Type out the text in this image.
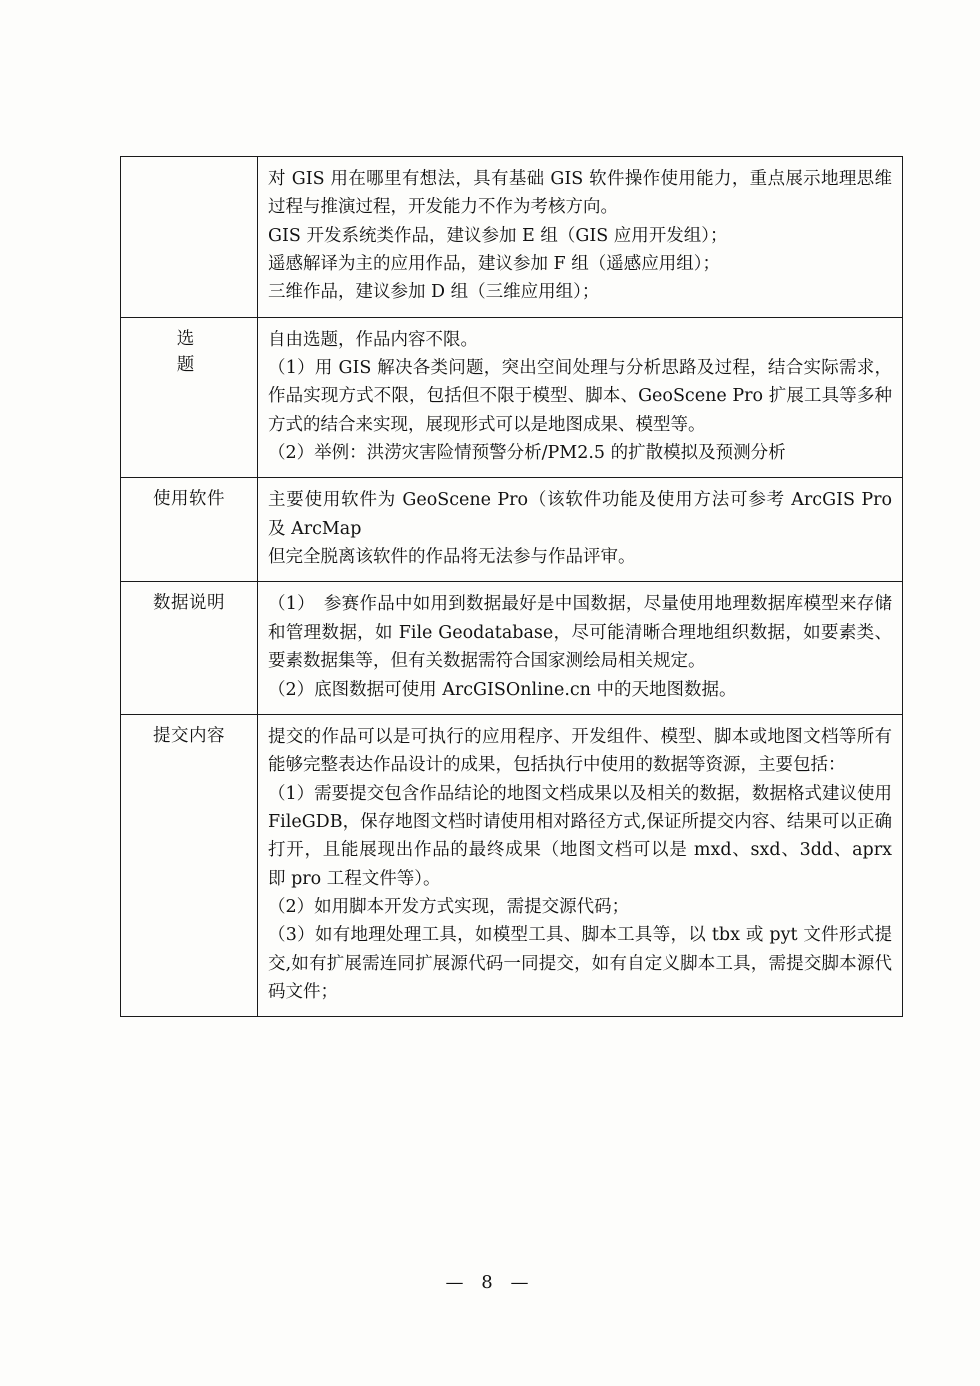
	对 GIS 用在哪里有想法，具有基础 GIS 软件操作使用能力，重点展示地理思维过程与推演过程，开发能力不作为考核方向。

GIS 开发系统类作品，建议参加 E 组（GIS 应用开发组）；

遥感解译为主的应用作品，建议参加 F 组（遥感应用组）；

三维作品，建议参加 D 组（三维应用组）；

选　　题	自由选题，作品内容不限。

（1）用 GIS 解决各类问题，突出空间处理与分析思路及过程，结合实际需求，作品实现方式不限，包括但不限于模型、脚本、GeoScene Pro 扩展工具等多种方式的结合来实现，展现形式可以是地图成果、模型等。

（2）举例：洪涝灾害险情预警分析/PM2.5 的扩散模拟及预测分析

使用软件	主要使用软件为 GeoScene Pro（该软件功能及使用方法可参考 ArcGIS Pro 及 ArcMap

但完全脱离该软件的作品将无法参与作品评审。

数据说明	（1）　参赛作品中如用到数据最好是中国数据，尽量使用地理数据库模型来存储和管理数据，如 File Geodatabase，尽可能清晰合理地组织数据，如要素类、要素数据集等，但有关数据需符合国家测绘局相关规定。

（2）底图数据可使用 ArcGISOnline.cn 中的天地图数据。

提交内容	提交的作品可以是可执行的应用程序、开发组件、模型、脚本或地图文档等所有能够完整表达作品设计的成果，包括执行中使用的数据等资源，主要包括：

（1）需要提交包含作品结论的地图文档成果以及相关的数据，数据格式建议使用 FileGDB，保存地图文档时请使用相对路径方式,保证所提交内容、结果可以正确打开，且能展现出作品的最终成果（地图文档可以是 mxd、sxd、3dd、aprx 即 pro 工程文件等）。

（2）如用脚本开发方式实现，需提交源代码；

（3）如有地理处理工具，如模型工具、脚本工具等，以 tbx 或 pyt 文件形式提交,如有扩展需连同扩展源代码一同提交，如有自定义脚本工具，需提交脚本源代码文件；

— 8 —
